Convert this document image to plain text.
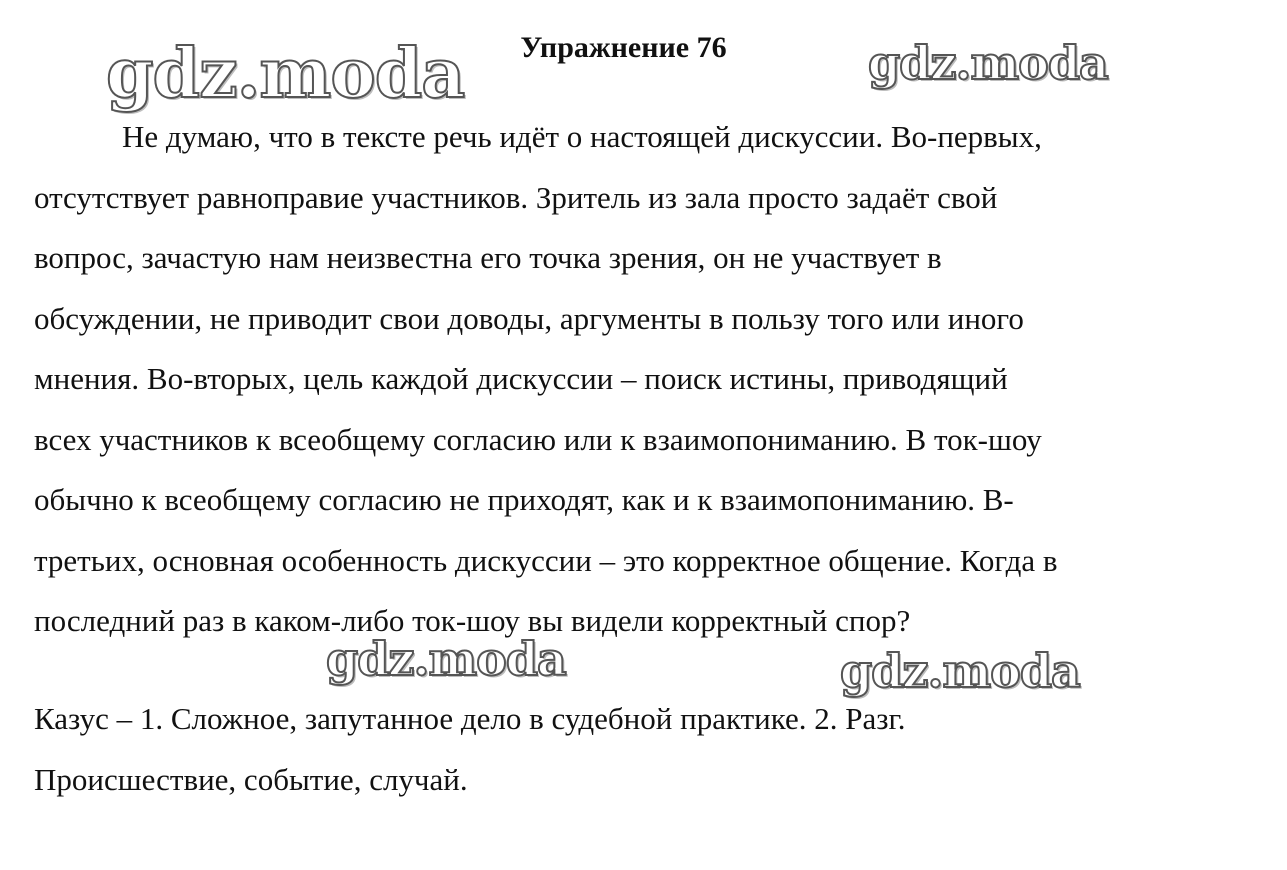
gdz.moda	gdz.moda
gdz.moda	gdz.moda
Упражнение 76

Не думаю, что в тексте речь идёт о настоящей дискуссии. Во-первых,
отсутствует равноправие участников. Зритель из зала просто задаёт свой
вопрос, зачастую нам неизвестна его точка зрения, он не участвует в
обсуждении, не приводит свои доводы, аргументы в пользу того или иного
мнения. Во-вторых, цель каждой дискуссии – поиск истины, приводящий
всех участников к всеобщему согласию или к взаимопониманию. В ток-шоу
обычно к всеобщему согласию не приходят, как и к взаимопониманию. В-
третьих, основная особенность дискуссии – это корректное общение. Когда в
последний раз в каком-либо ток-шоу вы видели корректный спор?

Казус – 1. Сложное, запутанное дело в судебной практике. 2. Разг.
Происшествие, событие, случай.
